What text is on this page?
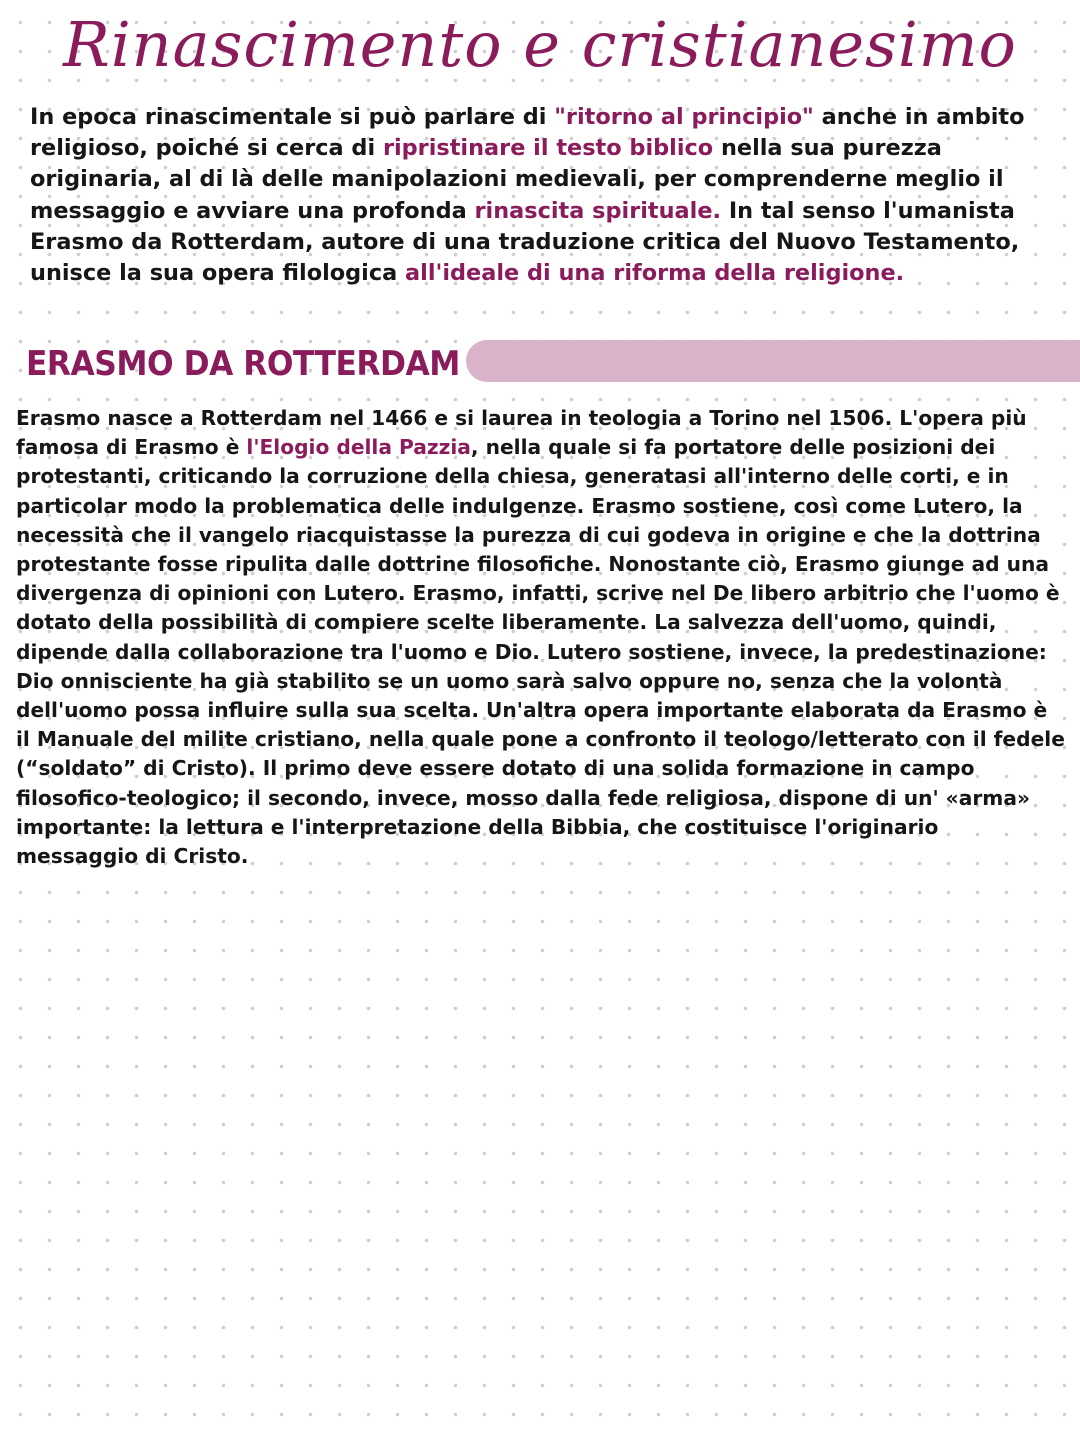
Rinascimento e cristianesimo

In epoca rinascimentale si può parlare di "ritorno al principio" anche in ambito religioso, poiché si cerca di ripristinare il testo biblico nella sua purezza originaria, al di là delle manipolazioni medievali, per comprenderne meglio il messaggio e avviare una profonda rinascita spirituale. In tal senso l'umanista Erasmo da Rotterdam, autore di una traduzione critica del Nuovo Testamento, unisce la sua opera filologica all'ideale di una riforma della religione.

ERASMO DA ROTTERDAM

Erasmo nasce a Rotterdam nel 1466 e si laurea in teologia a Torino nel 1506. L'opera più famosa di Erasmo è l'Elogio della Pazzia, nella quale si fa portatore delle posizioni dei protestanti, criticando la corruzione della chiesa, generatasi all'interno delle corti, e in particolar modo la problematica delle indulgenze. Erasmo sostiene, così come Lutero, la necessità che il vangelo riacquistasse la purezza di cui godeva in origine e che la dottrina protestante fosse ripulita dalle dottrine filosofiche. Nonostante ciò, Erasmo giunge ad una divergenza di opinioni con Lutero. Erasmo, infatti, scrive nel De libero arbitrio che l'uomo è dotato della possibilità di compiere scelte liberamente. La salvezza dell'uomo, quindi, dipende dalla collaborazione tra l'uomo e Dio. Lutero sostiene, invece, la predestinazione: Dio onnisciente ha già stabilito se un uomo sarà salvo oppure no, senza che la volontà dell'uomo possa influire sulla sua scelta. Un'altra opera importante elaborata da Erasmo è il Manuale del milite cristiano, nella quale pone a confronto il teologo/letterato con il fedele (“soldato” di Cristo). Il primo deve essere dotato di una solida formazione in campo filosofico-teologico; il secondo, invece, mosso dalla fede religiosa, dispone di un' «arma» importante: la lettura e l'interpretazione della Bibbia, che costituisce l'originario messaggio di Cristo.
